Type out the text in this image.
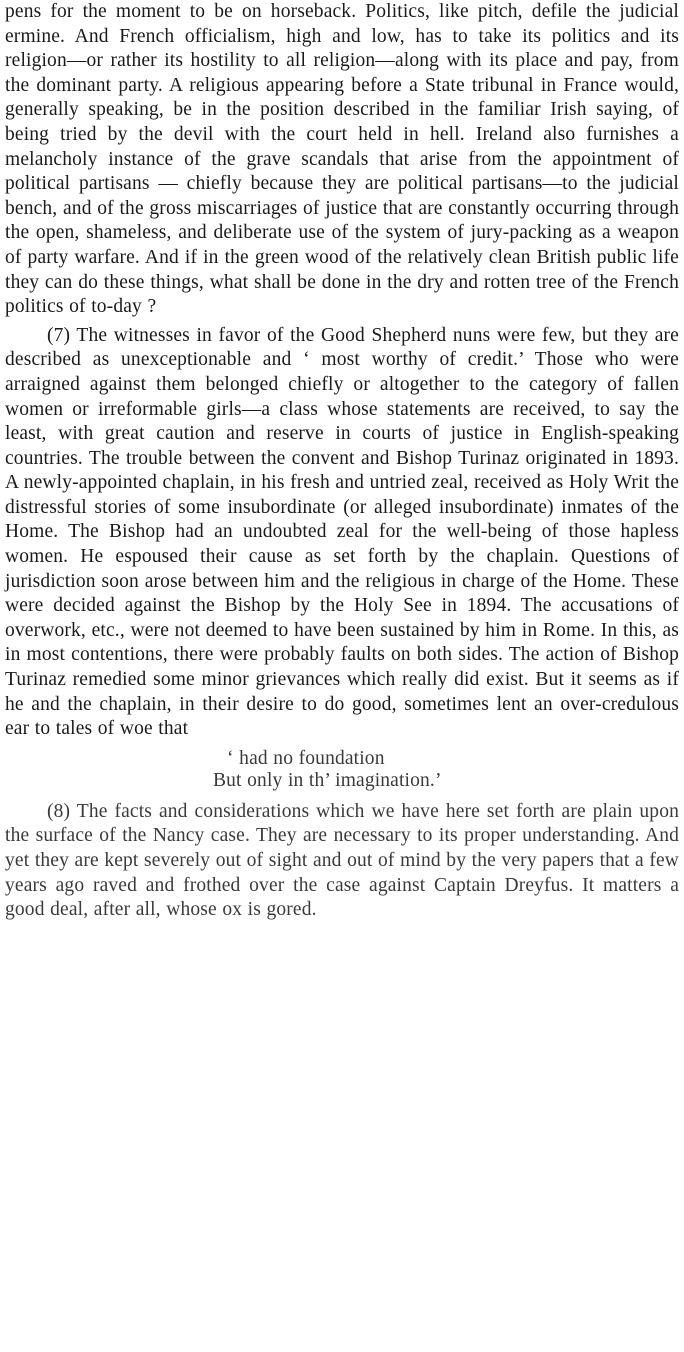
pens for the moment to be on horseback. Politics, like pitch, defile the judicial ermine. And French officialism, high and low, has to take its politics and its religion—or rather its hostility to all religion—along with its place and pay, from the dominant party. A religious appearing before a State tribunal in France would, generally speaking, be in the position described in the familiar Irish saying, of being tried by the devil with the court held in hell. Ireland also furnishes a melancholy instance of the grave scandals that arise from the appointment of political partisans — chiefly because they are political partisans—to the judicial bench, and of the gross miscarriages of justice that are constantly occurring through the open, shameless, and deliberate use of the system of jury-packing as a weapon of party warfare. And if in the green wood of the relatively clean British public life they can do these things, what shall be done in the dry and rotten tree of the French politics of to-day ?

(7) The witnesses in favor of the Good Shepherd nuns were few, but they are described as unexceptionable and ‘ most worthy of credit.’ Those who were arraigned against them belonged chiefly or altogether to the category of fallen women or irreformable girls—a class whose statements are received, to say the least, with great caution and reserve in courts of justice in English-speaking countries. The trouble between the convent and Bishop Turinaz originated in 1893. A newly-appointed chaplain, in his fresh and untried zeal, received as Holy Writ the distressful stories of some insubordinate (or alleged insubordinate) inmates of the Home. The Bishop had an undoubted zeal for the well-being of those hapless women. He espoused their cause as set forth by the chaplain. Questions of jurisdiction soon arose between him and the religious in charge of the Home. These were decided against the Bishop by the Holy See in 1894. The accusations of overwork, etc., were not deemed to have been sustained by him in Rome. In this, as in most contentions, there were probably faults on both sides. The action of Bishop Turinaz remedied some minor grievances which really did exist. But it seems as if he and the chaplain, in their desire to do good, sometimes lent an over-credulous ear to tales of woe that

‘ had no foundation
But only in th’ imagination.’

(8) The facts and considerations which we have here set forth are plain upon the surface of the Nancy case. They are necessary to its proper understanding. And yet they are kept severely out of sight and out of mind by the very papers that a few years ago raved and frothed over the case against Captain Dreyfus. It matters a good deal, after all, whose ox is gored.
